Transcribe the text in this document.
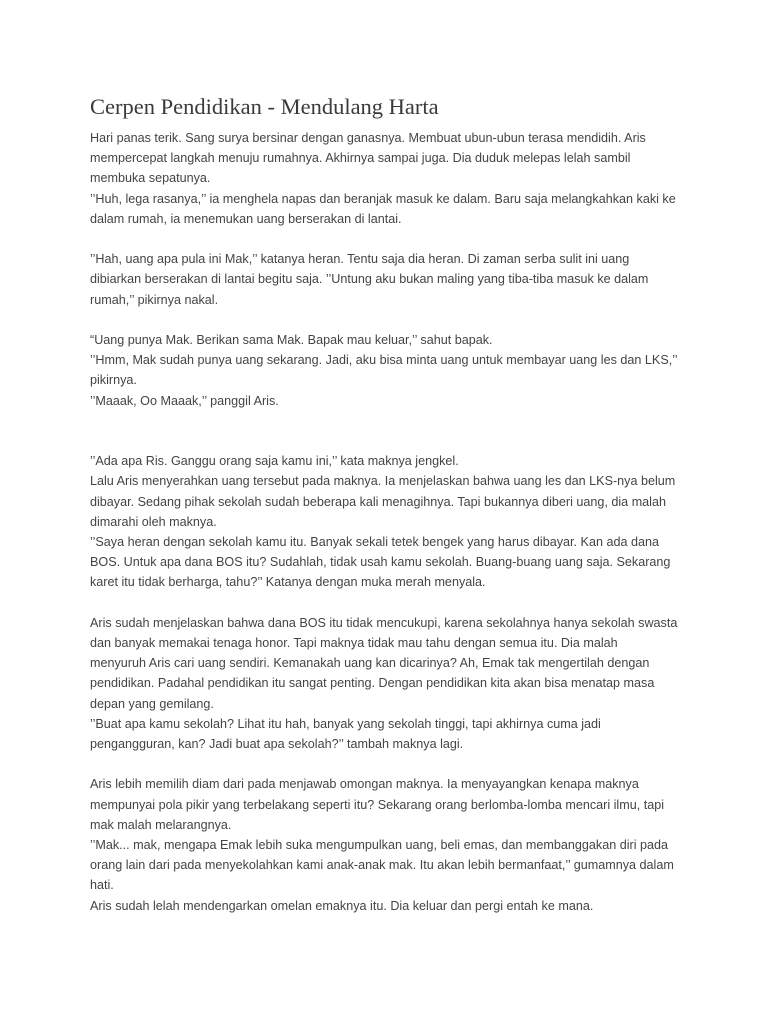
Cerpen Pendidikan - Mendulang Harta
Hari panas terik. Sang surya bersinar dengan ganasnya. Membuat ubun-ubun terasa mendidih. Aris
mempercepat langkah menuju rumahnya. Akhirnya sampai juga. Dia duduk melepas lelah sambil
membuka sepatunya.
’’Huh, lega rasanya,’’ ia menghela napas dan beranjak masuk ke dalam. Baru saja melangkahkan kaki ke
dalam rumah, ia menemukan uang berserakan di lantai.
’’Hah, uang apa pula ini Mak,’’ katanya heran. Tentu saja dia heran. Di zaman serba sulit ini uang
dibiarkan berserakan di lantai begitu saja. ’’Untung aku bukan maling yang tiba-tiba masuk ke dalam
rumah,’’ pikirnya nakal.
“Uang punya Mak. Berikan sama Mak. Bapak mau keluar,’’ sahut bapak.
’’Hmm, Mak sudah punya uang sekarang. Jadi, aku bisa minta uang untuk membayar uang les dan LKS,’’
pikirnya.
’’Maaak, Oo Maaak,’’ panggil Aris.
’’Ada apa Ris. Ganggu orang saja kamu ini,’’ kata maknya jengkel.
Lalu Aris menyerahkan uang tersebut pada maknya. Ia menjelaskan bahwa uang les dan LKS-nya belum
dibayar. Sedang pihak sekolah sudah beberapa kali menagihnya. Tapi bukannya diberi uang, dia malah
dimarahi oleh maknya.
’’Saya heran dengan sekolah kamu itu. Banyak sekali tetek bengek yang harus dibayar. Kan ada dana
BOS. Untuk apa dana BOS itu? Sudahlah, tidak usah kamu sekolah. Buang-buang uang saja. Sekarang
karet itu tidak berharga, tahu?’’ Katanya dengan muka merah menyala.
Aris sudah menjelaskan bahwa dana BOS itu tidak mencukupi, karena sekolahnya hanya sekolah swasta
dan banyak memakai tenaga honor. Tapi maknya tidak mau tahu dengan semua itu. Dia malah
menyuruh Aris cari uang sendiri. Kemanakah uang kan dicarinya? Ah, Emak tak mengertilah dengan
pendidikan. Padahal pendidikan itu sangat penting. Dengan pendidikan kita akan bisa menatap masa
depan yang gemilang.
’’Buat apa kamu sekolah? Lihat itu hah, banyak yang sekolah tinggi, tapi akhirnya cuma jadi
pengangguran, kan? Jadi buat apa sekolah?’’ tambah maknya lagi.
Aris lebih memilih diam dari pada menjawab omongan maknya. Ia menyayangkan kenapa maknya
mempunyai pola pikir yang terbelakang seperti itu? Sekarang orang berlomba-lomba mencari ilmu, tapi
mak malah melarangnya.
’’Mak... mak, mengapa Emak lebih suka mengumpulkan uang, beli emas, dan membanggakan diri pada
orang lain dari pada menyekolahkan kami anak-anak mak. Itu akan lebih bermanfaat,’’ gumamnya dalam
hati.
Aris sudah lelah mendengarkan omelan emaknya itu. Dia keluar dan pergi entah ke mana.
